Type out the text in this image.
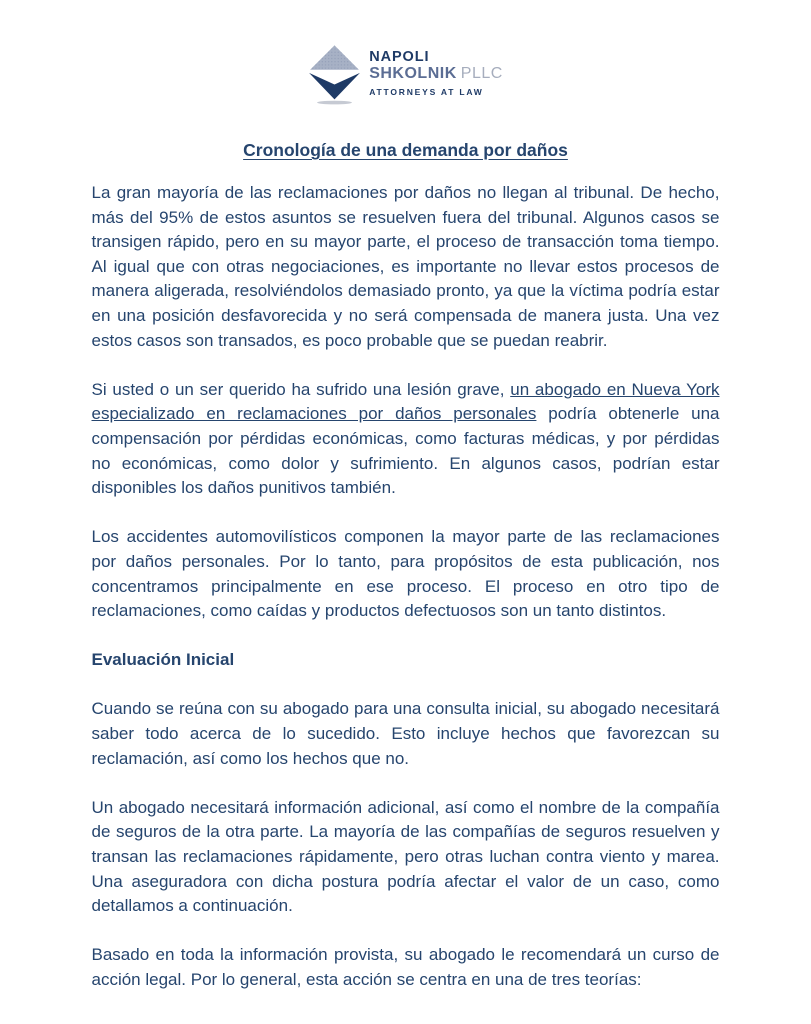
NAPOLI
SHKOLNIK PLLC
ATTORNEYS AT LAW
Cronología de una demanda por daños

La gran mayoría de las reclamaciones por daños no llegan al tribunal. De hecho, más del 95% de estos asuntos se resuelven fuera del tribunal. Algunos casos se transigen rápido, pero en su mayor parte, el proceso de transacción toma tiempo. Al igual que con otras negociaciones, es importante no llevar estos procesos de manera aligerada, resolviéndolos demasiado pronto, ya que la víctima podría estar en una posición desfavorecida y no será compensada de manera justa. Una vez estos casos son transados, es poco probable que se puedan reabrir.

Si usted o un ser querido ha sufrido una lesión grave, un abogado en Nueva York especializado en reclamaciones por daños personales podría obtenerle una compensación por pérdidas económicas, como facturas médicas, y por pérdidas no económicas, como dolor y sufrimiento. En algunos casos, podrían estar disponibles los daños punitivos también.

Los accidentes automovilísticos componen la mayor parte de las reclamaciones por daños personales. Por lo tanto, para propósitos de esta publicación, nos concentramos principalmente en ese proceso. El proceso en otro tipo de reclamaciones, como caídas y productos defectuosos son un tanto distintos.

Evaluación Inicial

Cuando se reúna con su abogado para una consulta inicial, su abogado necesitará saber todo acerca de lo sucedido. Esto incluye hechos que favorezcan su reclamación, así como los hechos que no.

Un abogado necesitará información adicional, así como el nombre de la compañía de seguros de la otra parte. La mayoría de las compañías de seguros resuelven y transan las reclamaciones rápidamente, pero otras luchan contra viento y marea. Una aseguradora con dicha postura podría afectar el valor de un caso, como detallamos a continuación.

Basado en toda la información provista, su abogado le recomendará un curso de acción legal. Por lo general, esta acción se centra en una de tres teorías:
